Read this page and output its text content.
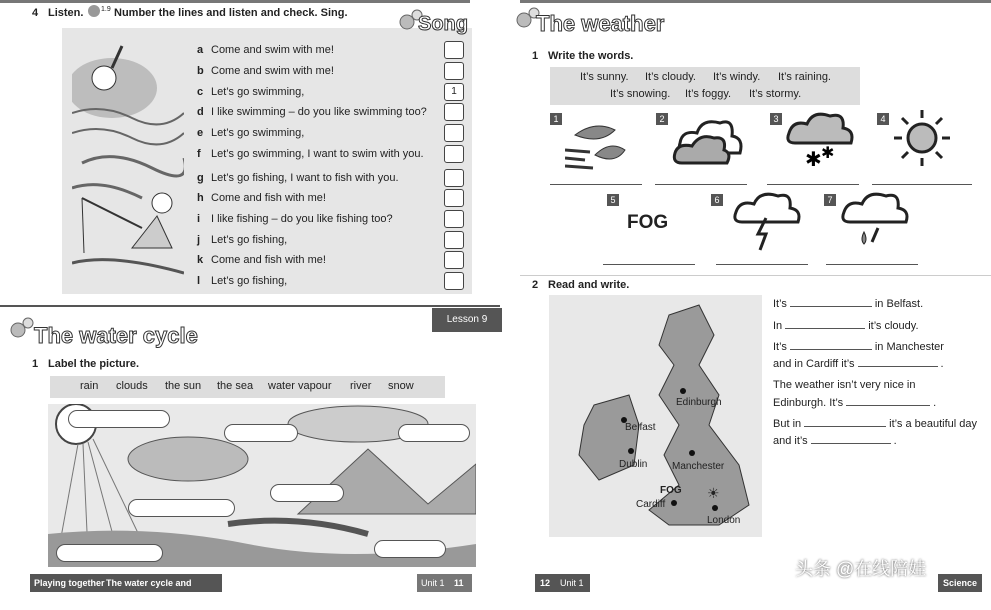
4 Listen.	1.9 Number the lines and listen and check. Sing.	Song
a Come and swim with me!
b Come and swim with me!
c Let’s go swimming,	1
d I like swimming – do you like swimming too?
e Let’s go swimming,
f Let’s go swimming, I want to swim with you.
g Let’s go fishing, I want to fish with you.
h Come and fish with me!
i I like fishing – do you like fishing too?
j Let’s go fishing,
k Come and fish with me!
l Let’s go fishing,
Lesson 9
The water cycle
1 Label the picture.
rain clouds the sun the sea water vapour river snow
Playing together The water cycle and weather
Unit 1 11
The weather
1 Write the words.
It’s sunny. It’s cloudy. It’s windy. It’s raining.
It’s snowing. It’s foggy. It’s stormy.
1	2	3
✱ ✱
4
5
FOG
6	7
2 Read and write.
Edinburgh
Belfast
Dublin Manchester
FOG
Cardiff
London
☀
It’s	in Belfast.
In	it’s cloudy.
It’s	in Manchester
and in Cardiff it’s	.
The weather isn’t very nice in
Edinburgh. It’s	.
But in	it’s a beautiful day
and it’s	.
12 Unit 1	Science
头条 @在线陪娃
